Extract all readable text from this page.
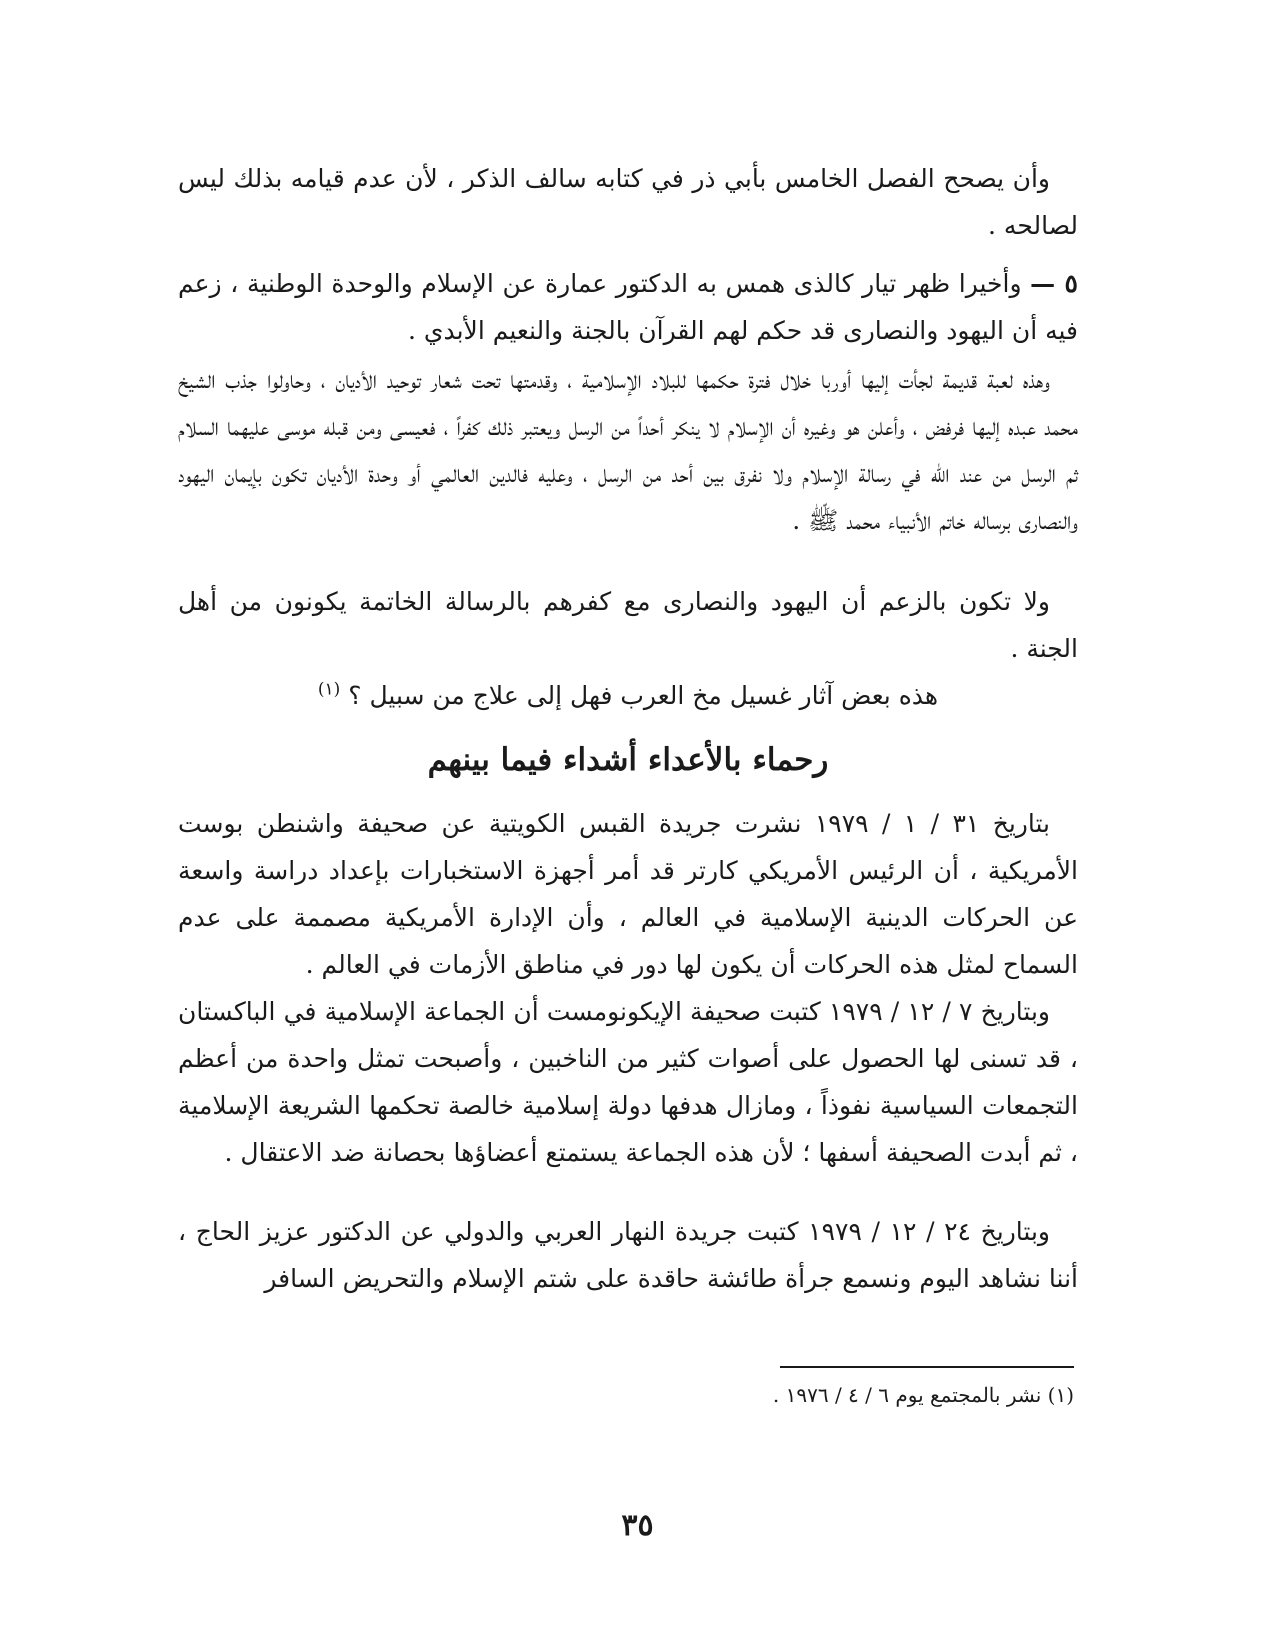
وأن يصحح الفصل الخامس بأبي ذر في كتابه سالف الذكر ، لأن عدم قيامه بذلك ليس لصالحه .

٥ — وأخيرا ظهر تيار كالذى همس به الدكتور عمارة عن الإسلام والوحدة الوطنية ، زعم فيه أن اليهود والنصارى قد حكم لهم القرآن بالجنة والنعيم الأبدي .

وهذه لعبة قديمة لجأت إليها أوربا خلال فترة حكمها للبلاد الإسلامية ، وقدمتها تحت شعار توحيد الأديان ، وحاولوا جذب الشيخ محمد عبده إليها فرفض ، وأعلن هو وغيره أن الإسلام لا ينكر أحداً من الرسل ويعتبر ذلك كفراً ، فعيسى ومن قبله موسى عليهما السلام ثم الرسل من عند الله في رسالة الإسلام ولا نفرق بين أحد من الرسل ، وعليه فالدين العالمي أو وحدة الأديان تكون بإيمان اليهود والنصارى برساله خاتم الأنبياء محمد ﷺ .

ولا تكون بالزعم أن اليهود والنصارى مع كفرهم بالرسالة الخاتمة يكونون من أهل الجنة .

هذه بعض آثار غسيل مخ العرب فهل إلى علاج من سبيل ؟ $^{(١)}$

رحماء بالأعداء أشداء فيما بينهم

بتاريخ ٣١ / ١ / ١٩٧٩ نشرت جريدة القبس الكويتية عن صحيفة واشنطن بوست الأمريكية ، أن الرئيس الأمريكي كارتر قد أمر أجهزة الاستخبارات بإعداد دراسة واسعة عن الحركات الدينية الإسلامية في العالم ، وأن الإدارة الأمريكية مصممة على عدم السماح لمثل هذه الحركات أن يكون لها دور في مناطق الأزمات في العالم .

وبتاريخ ٧ / ١٢ / ١٩٧٩ كتبت صحيفة الإيكونومست أن الجماعة الإسلامية في الباكستان ، قد تسنى لها الحصول على أصوات كثير من الناخبين ، وأصبحت تمثل واحدة من أعظم التجمعات السياسية نفوذاً ، ومازال هدفها دولة إسلامية خالصة تحكمها الشريعة الإسلامية ، ثم أبدت الصحيفة أسفها ؛ لأن هذه الجماعة يستمتع أعضاؤها بحصانة ضد الاعتقال .

وبتاريخ ٢٤ / ١٢ / ١٩٧٩ كتبت جريدة النهار العربي والدولي عن الدكتور عزيز الحاج ، أننا نشاهد اليوم ونسمع جرأة طائشة حاقدة على شتم الإسلام والتحريض السافر

(١) نشر بالمجتمع يوم ٦ / ٤ / ١٩٧٦ .

٣٥
